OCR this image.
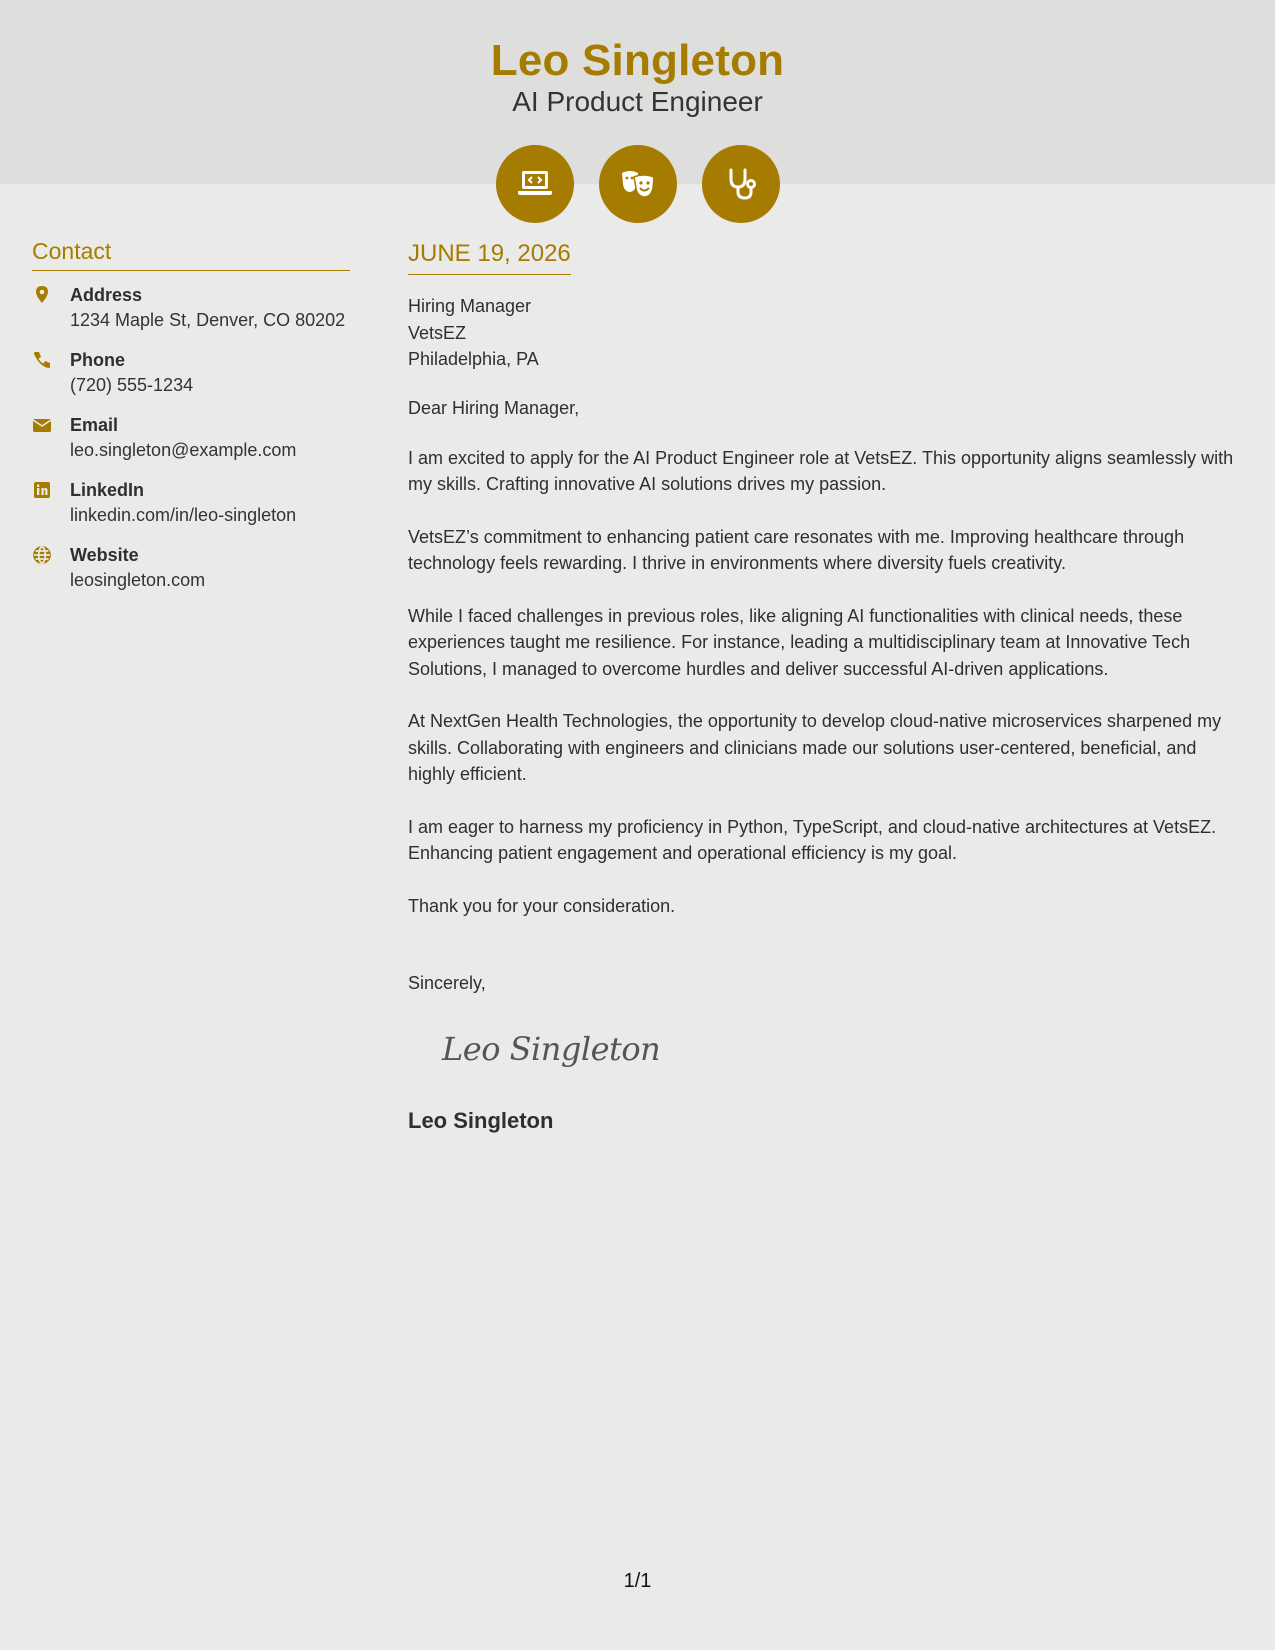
Leo Singleton
AI Product Engineer
Contact
Address
1234 Maple St, Denver, CO 80202
Phone
(720) 555-1234
Email
leo.singleton@example.com
LinkedIn
linkedin.com/in/leo-singleton
Website
leosingleton.com
JUNE 19, 2026
Hiring Manager
VetsEZ
Philadelphia, PA
Dear Hiring Manager,
I am excited to apply for the AI Product Engineer role at VetsEZ. This opportunity aligns seamlessly with my skills. Crafting innovative AI solutions drives my passion.
VetsEZ’s commitment to enhancing patient care resonates with me. Improving healthcare through technology feels rewarding. I thrive in environments where diversity fuels creativity.
While I faced challenges in previous roles, like aligning AI functionalities with clinical needs, these experiences taught me resilience. For instance, leading a multidisciplinary team at Innovative Tech Solutions, I managed to overcome hurdles and deliver successful AI-driven applications.
At NextGen Health Technologies, the opportunity to develop cloud-native microservices sharpened my skills. Collaborating with engineers and clinicians made our solutions user-centered, beneficial, and highly efficient.
I am eager to harness my proficiency in Python, TypeScript, and cloud-native architectures at VetsEZ. Enhancing patient engagement and operational efficiency is my goal.
Thank you for your consideration.
Sincerely,
Leo Singleton
Leo Singleton
1/1
